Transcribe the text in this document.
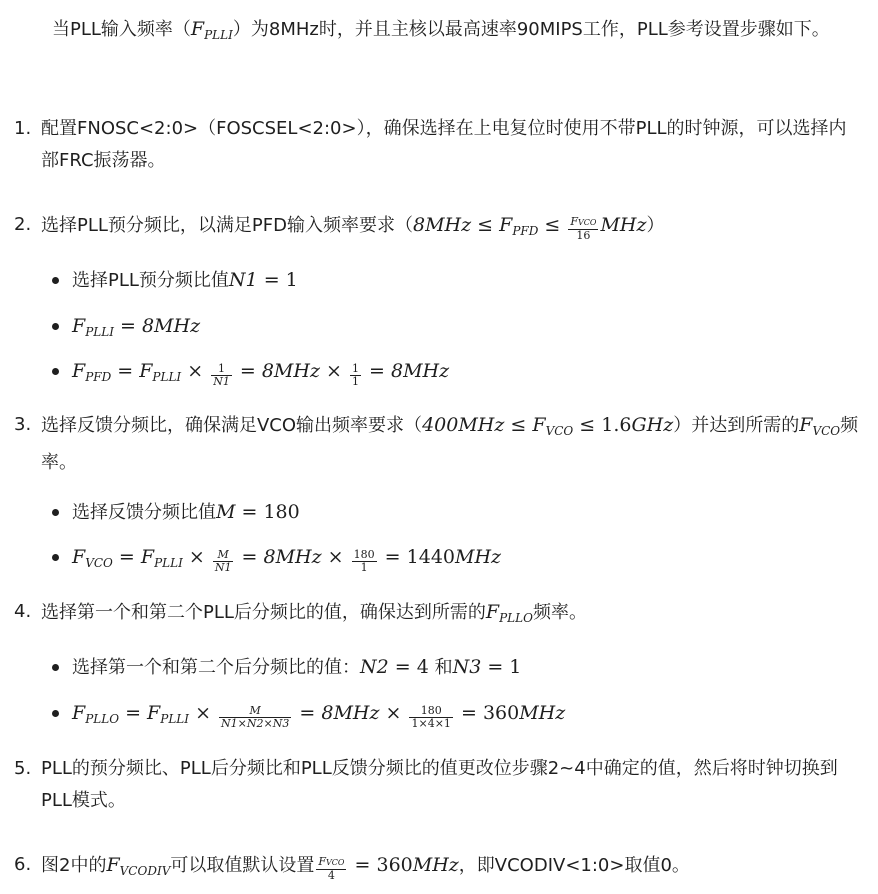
当PLL输入频率$(F_{PLLI})$为8MHz时，并且主核以最高速率90MIPS工作，PLL参考设置步骤如下。
1. 配置FNOSC<2:0>（FOSCSEL<2:0>），确保选择在上电复位时使用不带PLL的时钟源，可以选择内部FRC振荡器。
2. 选择PLL预分频比，以满足PFD输入频率要求$(8MHz \le F_{PFD} \le \frac{\text{FVCO}}{16} MHz)$
选择PLL预分频比值N1 = 1
$F_{PLLI} = 8MHz$
$F_{PFD} = F_{PLLI} \times \frac{1}{N1} = 8MHz \times \frac{1}{1} = 8MHz$
3. 选择反馈分频比，确保满足VCO输出频率要求$(400MHz \le F_{VCO} \le 1.6GHz)$并达到所需的$F_{VCO}$频率。
选择反馈分频比值M = 180
$F_{VCO} = F_{PLLI} \times \frac{M}{N1} = 8MHz \times \frac{180}{1} = 1440MHz$
4. 选择第一个和第二个PLL后分频比的值，确保达到所需的$F_{PLLO}$频率。
选择第一个和第二个后分频比的值：N2 = 4 和N3 = 1
$F_{PLLO} = F_{PLLI} \times \frac{M}{N1\times N2\times N3} = 8MHz \times \frac{180}{1\times 4\times 1} = 360MHz$
5. PLL的预分频比、PLL后分频比和PLL反馈分频比的值更改位步骤2~4中确定的值，然后将时钟切换到PLL模式。
6. 图2中的$F_{VCODIV}$可以取值默认设置 $\frac{\text{FVCO}}{4} = 360MHz$，即VCODIV<1:0>取值0。
